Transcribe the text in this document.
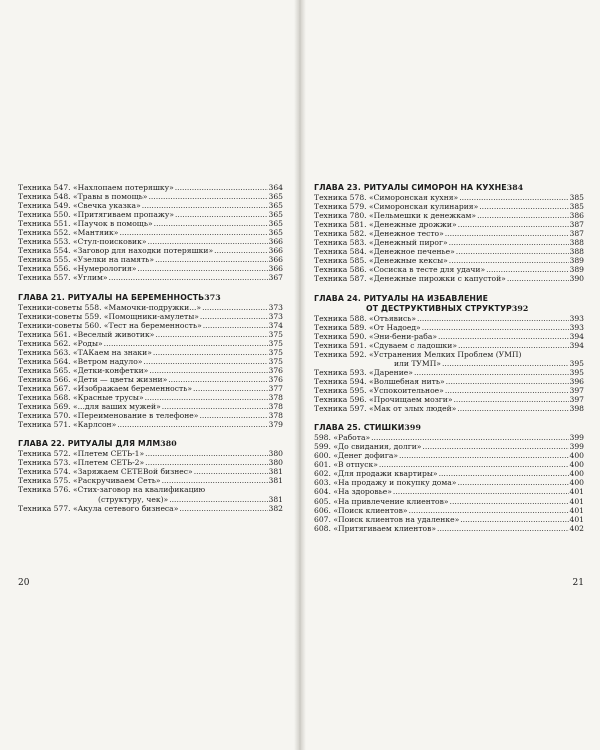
Техника 547. «Нахлопаем потеряшку» . . .	364
Техника 548. «Травы в помощь» . . .	365
Техника 549. «Свечка указка» . . .	365
Техника 550. «Притягиваем пропажу» . . .	365
Техника 551. «Паучок в помощь» . . .	365
Техника 552. «Мантяик» . . .	365
Техника 553. «Стул-поисковик» . . .	366
Техника 554. «Заговор для находки потеряшки» . . .	366
Техника 555. «Узелки на память» . . .	366
Техника 556. «Нумерология» . . .	366
Техника 557. «Углим» . . .	367
ГЛАВА 21. РИТУАЛЫ НА БЕРЕМЕННОСТЬ 373
Техники-советы 558. «Мамочки-подружки...» . . .	373
Техники-советы 559. «Помощники-амулеты» . . .	373
Техники-советы 560. «Тест на беременность» . . .	374
Техника 561. «Веселый животик» . . .	375
Техника 562. «Роды» . . .	375
Техника 563. «ТАКаем на знаки» . . .	375
Техника 564. «Ветром надуло» . . .	375
Техника 565. «Детки-конфетки» . . .	376
Техника 566. «Дети — цветы жизни» . . .	376
Техника 567. «Изображаем беременность» . . .	377
Техника 568. «Красные трусы» . . .	378
Техника 569. «...для ваших мужей» . . .	378
Техника 570. «Переименование в телефоне» . . .	378
Техника 571. «Карлсон» . . .	379
ГЛАВА 22. РИТУАЛЫ ДЛЯ МЛМ 380
Техника 572. «Плетем СЕТЬ-1» . . .	380
Техника 573. «Плетем СЕТЬ-2» . . .	380
Техника 574. «Заряжаем СЕТЕВой бизнес» . . .	381
Техника 575. «Раскручиваем Сеть» . . .	381
Техника 576. «Стих-заговор на квалификацию
(структуру, чек)» . . .	381
Техника 577. «Акула сетевого бизнеса» . . .	382
20
ГЛАВА 23. РИТУАЛЫ СИМОРОН НА КУХНЕ 384
Техника 578. «Симоронская кухня» . . .	385
Техника 579. «Симоронская кулинария» . . .	385
Техника 780. «Пельмешки к денежкам» . . .	386
Техника 581. «Денежные дрожжи» . . .	387
Техника 582. «Денежное тесто» . . .	387
Техника 583. «Денежный пирог» . . .	388
Техника 584. «Денежное печенье» . . .	388
Техника 585. «Денежные кексы» . . .	389
Техника 586. «Сосиска в тесте для удачи» . . .	389
Техника 587. «Денежные пирожки с капустой» . . .	390
ГЛАВА 24. РИТУАЛЫ НА ИЗБАВЛЕНИЕ
ОТ ДЕСТРУКТИВНЫХ СТРУКТУР 392
Техника 588. «Отъявись» . . .	393
Техника 589. «От Надоед» . . .	393
Техника 590. «Эни-бени-раба» . . .	394
Техника 591. «Сдуваем с ладошки» . . .	394
Техника 592. «Устранения Мелких Проблем (УМП)
или ТУМП» . . .	395
Техника 593. «Дарение» . . .	395
Техника 594. «Волшебная нить» . . .	396
Техника 595. «Успокоительное» . . .	397
Техника 596. «Прочищаем мозги» . . .	397
Техника 597. «Мак от злых людей» . . .	398
ГЛАВА 25. СТИШКИ 399
598. «Работа» . . .	399
599. «До свидания, долги» . . .	399
600. «Денег дофига» . . .	400
601. «В отпуск» . . .	400
602. «Для продажи квартиры» . . .	400
603. «На продажу и покупку дома» . . .	400
604. «На здоровье» . . .	401
605. «На привлечение клиентов» . . .	401
606. «Поиск клиентов» . . .	401
607. «Поиск клиентов на удаленке» . . .	401
608. «Притягиваем клиентов» . . .	402
21
